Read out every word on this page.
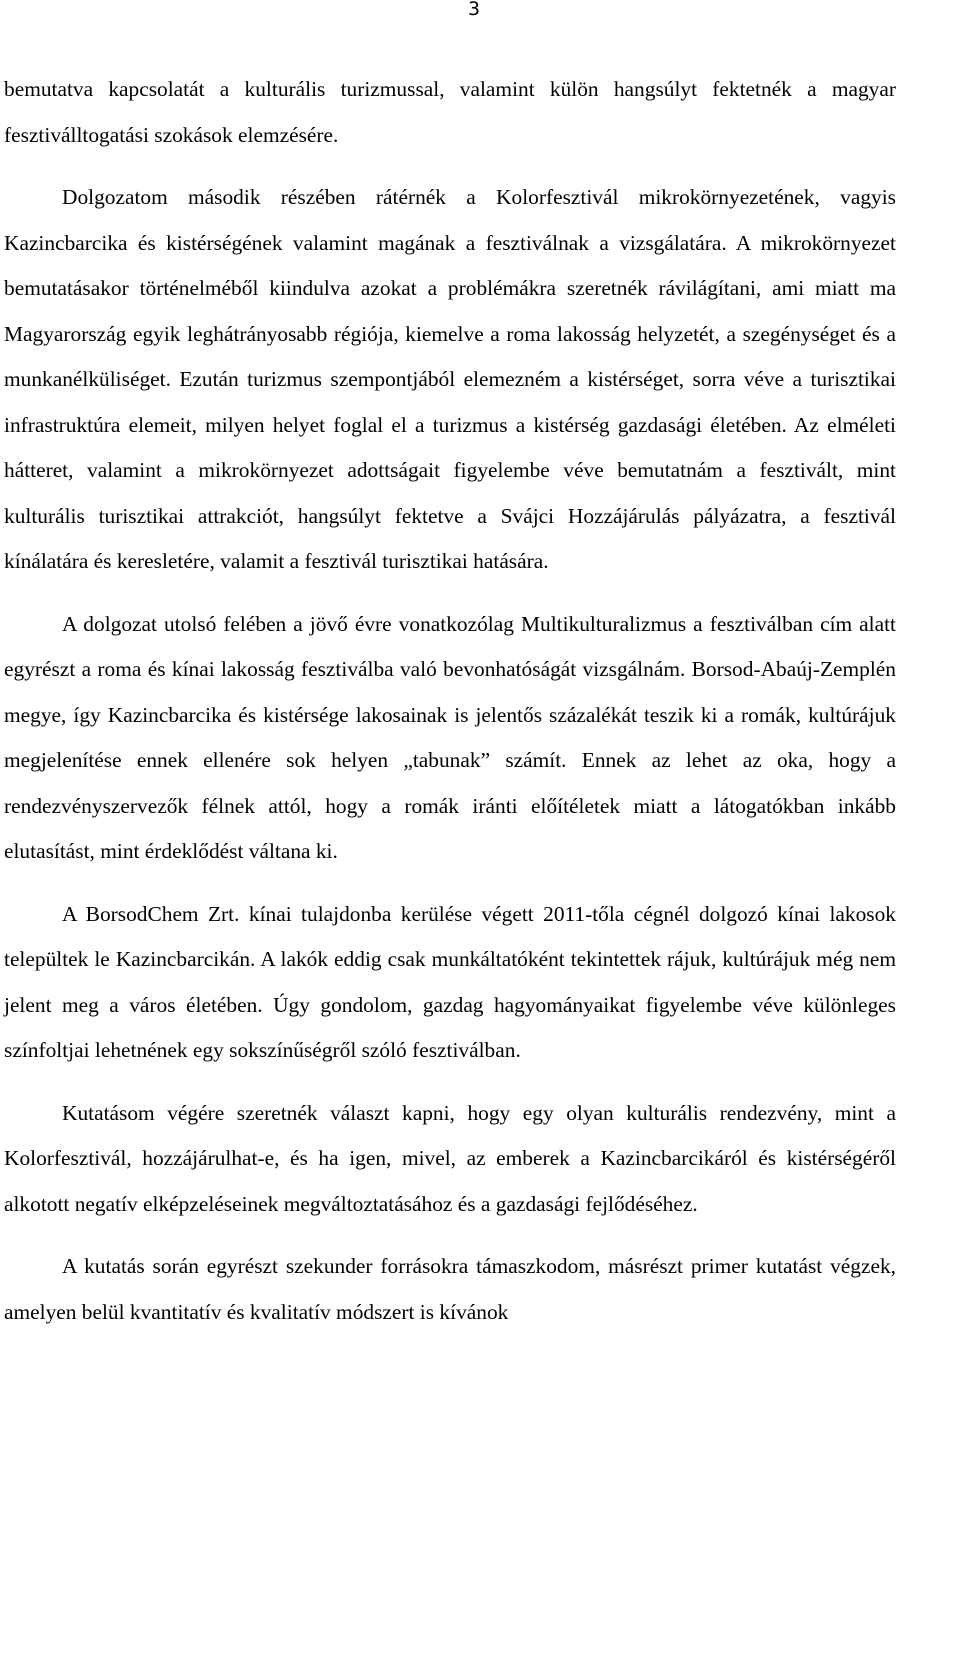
3

bemutatva kapcsolatát a kulturális turizmussal, valamint külön hangsúlyt fektetnék a magyar fesztiválltogatási szokások elemzésére.

Dolgozatom második részében rátérnék a Kolorfesztivál mikrokörnyezetének, vagyis Kazincbarcika és kistérségének valamint magának a fesztiválnak a vizsgálatára. A mikrokörnyezet bemutatásakor történelméből kiindulva azokat a problémákra szeretnék rávilágítani, ami miatt ma Magyarország egyik leghátrányosabb régiója, kiemelve a roma lakosság helyzetét, a szegénységet és a munkanélküliséget. Ezután turizmus szempontjából elemezném a kistérséget, sorra véve a turisztikai infrastruktúra elemeit, milyen helyet foglal el a turizmus a kistérség gazdasági életében. Az elméleti hátteret, valamint a mikrokörnyezet adottságait figyelembe véve bemutatnám a fesztivált, mint kulturális turisztikai attrakciót, hangsúlyt fektetve a Svájci Hozzájárulás pályázatra, a fesztivál kínálatára és keresletére, valamit a fesztivál turisztikai hatására.

A dolgozat utolsó felében a jövő évre vonatkozólag Multikulturalizmus a fesztiválban cím alatt egyrészt a roma és kínai lakosság fesztiválba való bevonhatóságát vizsgálnám. Borsod-Abaúj-Zemplén megye, így Kazincbarcika és kistérsége lakosainak is jelentős százalékát teszik ki a romák, kultúrájuk megjelenítése ennek ellenére sok helyen „tabunak” számít. Ennek az lehet az oka, hogy a rendezvényszervezők félnek attól, hogy a romák iránti előítéletek miatt a látogatókban inkább elutasítást, mint érdeklődést váltana ki.

A BorsodChem Zrt. kínai tulajdonba kerülése végett 2011-tőla cégnél dolgozó kínai lakosok települtek le Kazincbarcikán. A lakók eddig csak munkáltatóként tekintettek rájuk, kultúrájuk még nem jelent meg a város életében. Úgy gondolom, gazdag hagyományaikat figyelembe véve különleges színfoltjai lehetnének egy sokszínűségről szóló fesztiválban.

Kutatásom végére szeretnék választ kapni, hogy egy olyan kulturális rendezvény, mint a Kolorfesztivál, hozzájárulhat-e, és ha igen, mivel, az emberek a Kazincbarcikáról és kistérségéről alkotott negatív elképzeléseinek megváltoztatásához és a gazdasági fejlődéséhez.

A kutatás során egyrészt szekunder forrásokra támaszkodom, másrészt primer kutatást végzek, amelyen belül kvantitatív és kvalitatív módszert is kívánok
